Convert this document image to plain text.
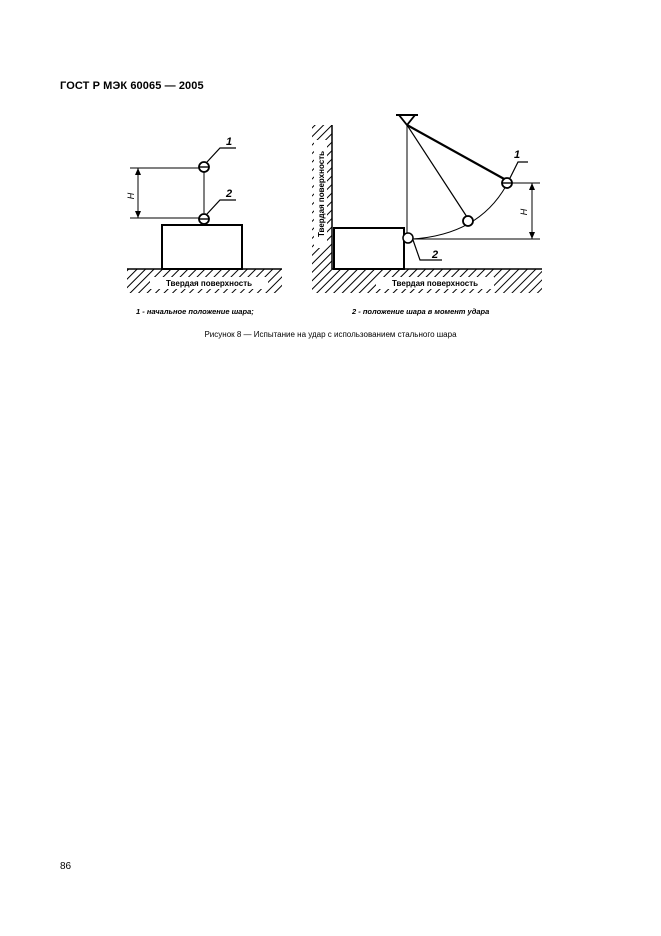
ГОСТ Р МЭК 60065 — 2005
Твердая поверхность
H
1
2	Твердая поверхность
Твердая поверхность
H
1
2
1 - начальное положение шара;	2 - положение шара в момент удара
Рисунок 8 — Испытание на удар с использованием стального шара
86
